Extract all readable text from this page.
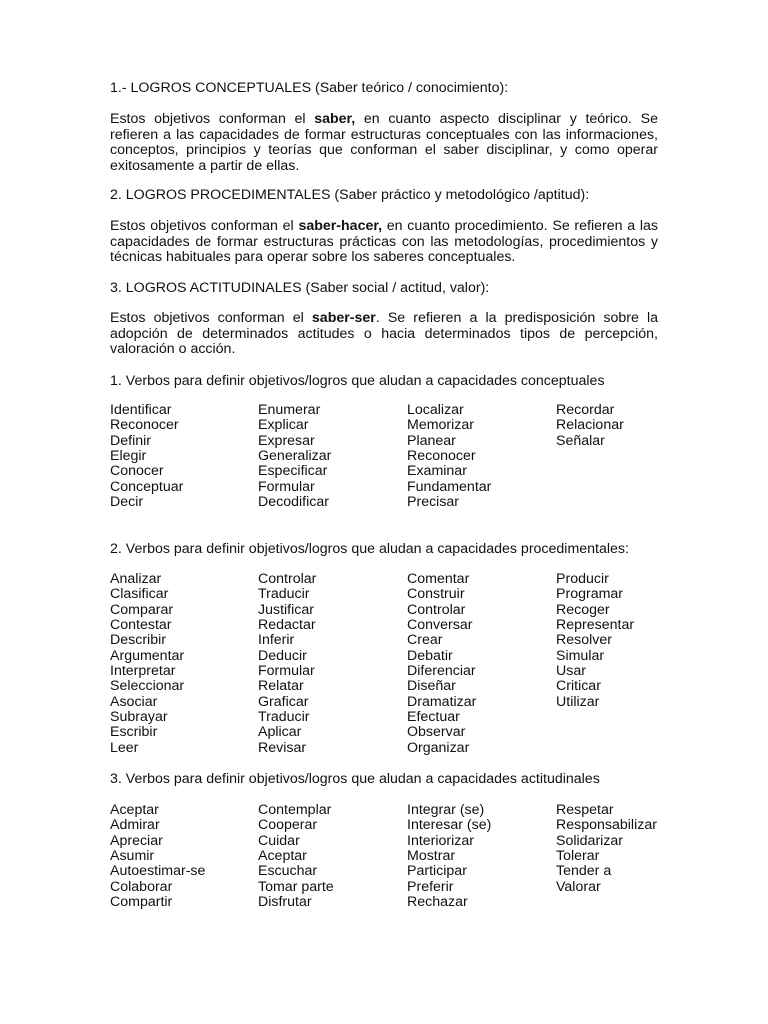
1.- LOGROS CONCEPTUALES (Saber teórico / conocimiento):
Estos objetivos conforman el saber, en cuanto aspecto disciplinar y teórico. Se refieren a las capacidades de formar estructuras conceptuales con las informaciones, conceptos, principios y teorías que conforman el saber disciplinar, y como operar exitosamente a partir de ellas.
2. LOGROS PROCEDIMENTALES (Saber práctico y metodológico /aptitud):
Estos objetivos conforman el saber-hacer, en cuanto procedimiento. Se refieren a las capacidades de formar estructuras prácticas con las metodologías, procedimientos y técnicas habituales para operar sobre los saberes conceptuales.
3. LOGROS ACTITUDINALES (Saber social / actitud, valor):
Estos objetivos conforman el saber-ser. Se refieren a la predisposición sobre la adopción de determinados actitudes o hacia determinados tipos de percepción, valoración o acción.
1. Verbos para definir objetivos/logros que aludan a capacidades conceptuales
Identificar
Reconocer
Definir
Elegir
Conocer
Conceptuar
Decir
Enumerar
Explicar
Expresar
Generalizar
Especificar
Formular
Decodificar
Localizar
Memorizar
Planear
Reconocer
Examinar
Fundamentar
Precisar
Recordar
Relacionar
Señalar
2. Verbos para definir objetivos/logros que aludan a capacidades procedimentales:
Analizar
Clasificar
Comparar
Contestar
Describir
Argumentar
Interpretar
Seleccionar
Asociar
Subrayar
Escribir
Leer
Controlar
Traducir
Justificar
Redactar
Inferir
Deducir
Formular
Relatar
Graficar
Traducir
Aplicar
Revisar
Comentar
Construir
Controlar
Conversar
Crear
Debatir
Diferenciar
Diseñar
Dramatizar
Efectuar
Observar
Organizar
Producir
Programar
Recoger
Representar
Resolver
Simular
Usar
Criticar
Utilizar
3. Verbos para definir objetivos/logros que aludan a capacidades actitudinales
Aceptar
Admirar
Apreciar
Asumir
Autoestimar-se
Colaborar
Compartir
Contemplar
Cooperar
Cuidar
Aceptar
Escuchar
Tomar parte
Disfrutar
Integrar (se)
Interesar (se)
Interiorizar
Mostrar
Participar
Preferir
Rechazar
Respetar
Responsabilizar
Solidarizar
Tolerar
Tender a
Valorar
